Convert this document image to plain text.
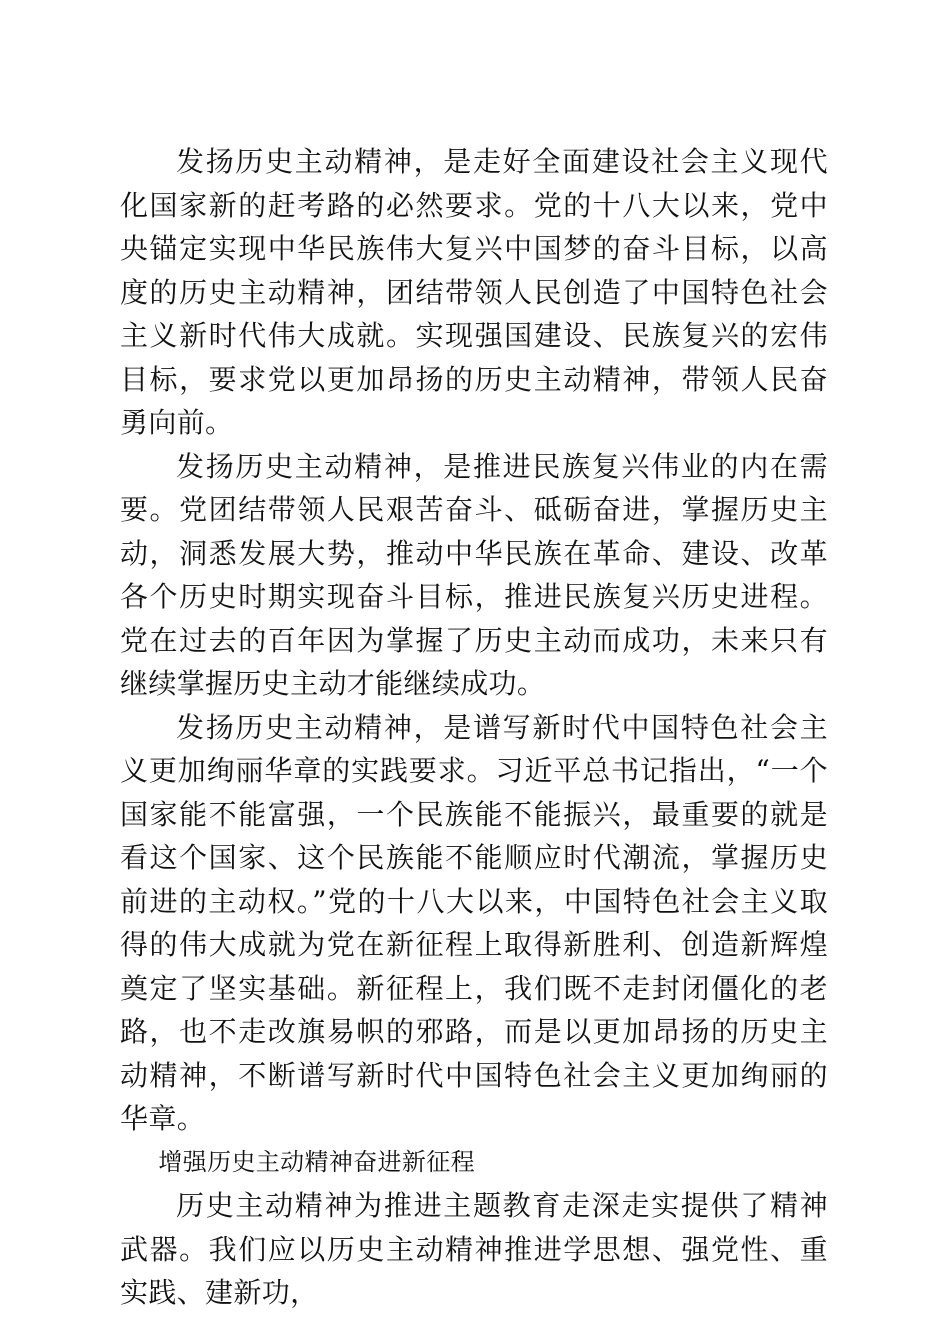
发扬历史主动精神，是走好全面建设社会主义现代化国家新的赶考路的必然要求。党的十八大以来，党中央锚定实现中华民族伟大复兴中国梦的奋斗目标，以高度的历史主动精神，团结带领人民创造了中国特色社会主义新时代伟大成就。实现强国建设、民族复兴的宏伟目标，要求党以更加昂扬的历史主动精神，带领人民奋勇向前。

发扬历史主动精神，是推进民族复兴伟业的内在需要。党团结带领人民艰苦奋斗、砥砺奋进，掌握历史主动，洞悉发展大势，推动中华民族在革命、建设、改革各个历史时期实现奋斗目标，推进民族复兴历史进程。党在过去的百年因为掌握了历史主动而成功，未来只有继续掌握历史主动才能继续成功。

发扬历史主动精神，是谱写新时代中国特色社会主义更加绚丽华章的实践要求。习近平总书记指出，“一个国家能不能富强，一个民族能不能振兴，最重要的就是看这个国家、这个民族能不能顺应时代潮流，掌握历史前进的主动权。”党的十八大以来，中国特色社会主义取得的伟大成就为党在新征程上取得新胜利、创造新辉煌奠定了坚实基础。新征程上，我们既不走封闭僵化的老路，也不走改旗易帜的邪路，而是以更加昂扬的历史主动精神，不断谱写新时代中国特色社会主义更加绚丽的华章。

增强历史主动精神奋进新征程

历史主动精神为推进主题教育走深走实提供了精神武器。我们应以历史主动精神推进学思想、强党性、重实践、建新功，
